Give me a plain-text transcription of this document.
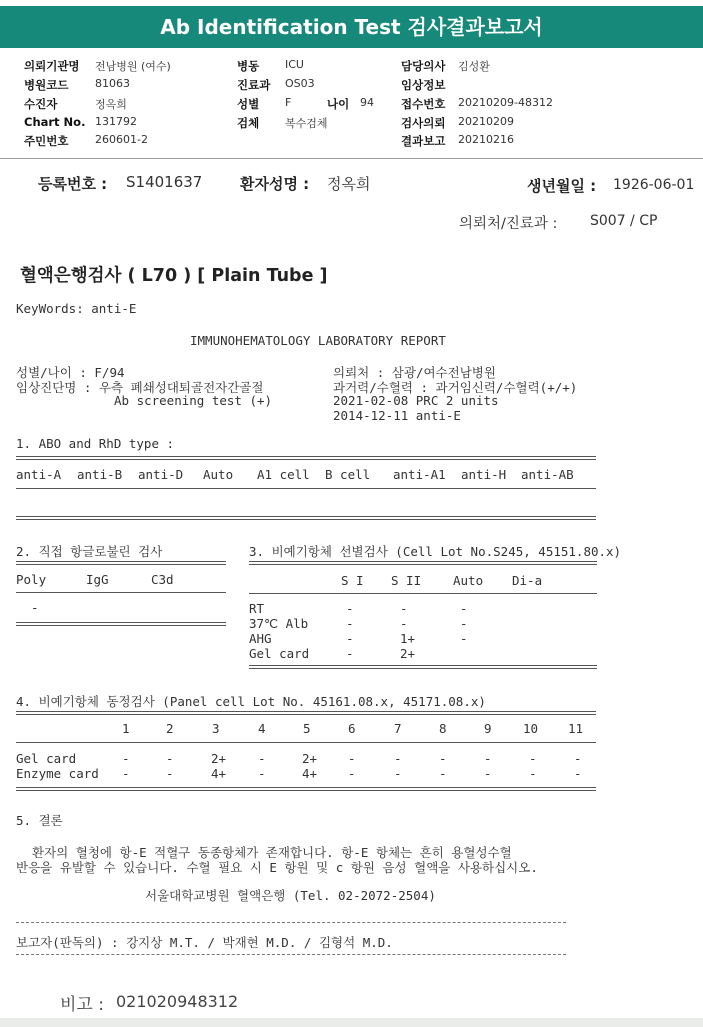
Ab Identification Test 검사결과보고서
의뢰기관명 전남병원 (여수)
병원코드 81063
수진자	정옥희
Chart No. 131792
주민번호 260601-2
병동 ICU
진료과 OS03
성별 F	나이 94
검체 복수검체
담당의사 김성환
임상정보
접수번호 20210209-48312
검사의뢰 20210209
결과보고 20210216
등록번호 : S1401637	환자성명 : 정옥희	생년월일 : 1926-06-01
의뢰처/진료과 : S007 / CP
혈액은행검사 ( L70 ) [ Plain Tube ]
KeyWords: anti-E
IMMUNOHEMATOLOGY LABORATORY REPORT
성별/나이 : F/94
임상진단명 : 우측 폐쇄성대퇴골전자간골절
Ab screening test (+)
의뢰처 : 삼광/여수전남병원
과거력/수혈력 : 과거임신력/수혈력(+/+)
2021-02-08 PRC 2 units
2014-12-11 anti-E
1. ABO and RhD type :
anti-A anti-B anti-D Auto A1 cell B cell anti-A1 anti-H anti-AB
2. 직접 항글로불린 검사
Poly	IgG	C3d
-
3. 비예기항체 선별검사 (Cell Lot No.S245, 45151.80.x)
S I S II	Auto Di-a
RT	-	-	-
37℃ Alb	-	-	-
AHG	-	1+	-
Gel card	-	2+
4. 비예기항체 동정검사 (Panel cell Lot No. 45161.08.x, 45171.08.x)
1	2	3	4	5	6	7	8	9	10 11
Gel card	-	-	2+	-	2+ -	-	-	-	-	-
Enzyme card -	-	4+	-	4+ -	-	-	-	-	-
5. 결론
환자의 혈청에 항-E 적혈구 동종항체가 존재합니다. 항-E 항체는 흔히 용혈성수혈
반응을 유발할 수 있습니다. 수혈 필요 시 E 항원 및 c 항원 음성 혈액을 사용하십시오.
서울대학교병원 혈액은행 (Tel. 02-2072-2504)
보고자(판독의) : 강지상 M.T. / 박재현 M.D. / 김형석 M.D.
비고 : 021020948312
